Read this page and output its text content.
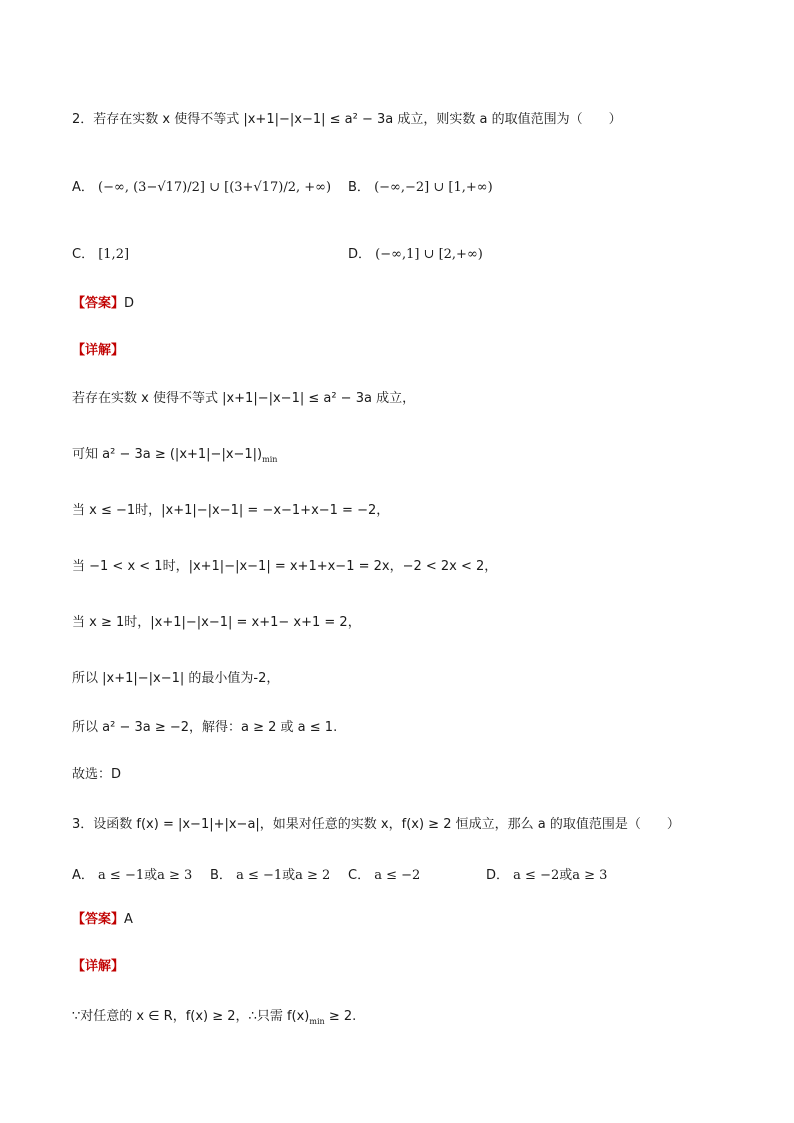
2．若存在实数 x 使得不等式 |x+1|−|x−1| ≤ a² − 3a 成立，则实数 a 的取值范围为（　　）
A． (−∞, (3−√17)/2] ∪ [(3+√17)/2, +∞) B． (−∞,−2] ∪ [1,+∞)
C． [1,2]	D． (−∞,1] ∪ [2,+∞)
【答案】D
【详解】
若存在实数 x 使得不等式 |x+1|−|x−1| ≤ a² − 3a 成立，
可知 $a^2 - 3a \ge (|x+1|-|x-1|)_{min}$
当 x ≤ −1时，|x+1|−|x−1| = −x−1+x−1 = −2，
当 −1 < x < 1时，|x+1|−|x−1| = x+1+x−1 = 2x，−2 < 2x < 2，
当 x ≥ 1时，|x+1|−|x−1| = x+1− x+1 = 2，
所以 |x+1|−|x−1| 的最小值为-2，
所以 a² − 3a ≥ −2，解得：a ≥ 2 或 a ≤ 1.
故选：D
3．设函数 f(x) = |x−1|+|x−a|，如果对任意的实数 x，f(x) ≥ 2 恒成立，那么 a 的取值范围是（　　）
A． a ≤ −1或a ≥ 3 B． a ≤ −1或a ≥ 2 C． a ≤ −2	D． a ≤ −2或a ≥ 3
【答案】A
【详解】
∵对任意的 x ∈ R，f(x) ≥ 2，∴只需 $f(x)_{min} \ge 2$.
